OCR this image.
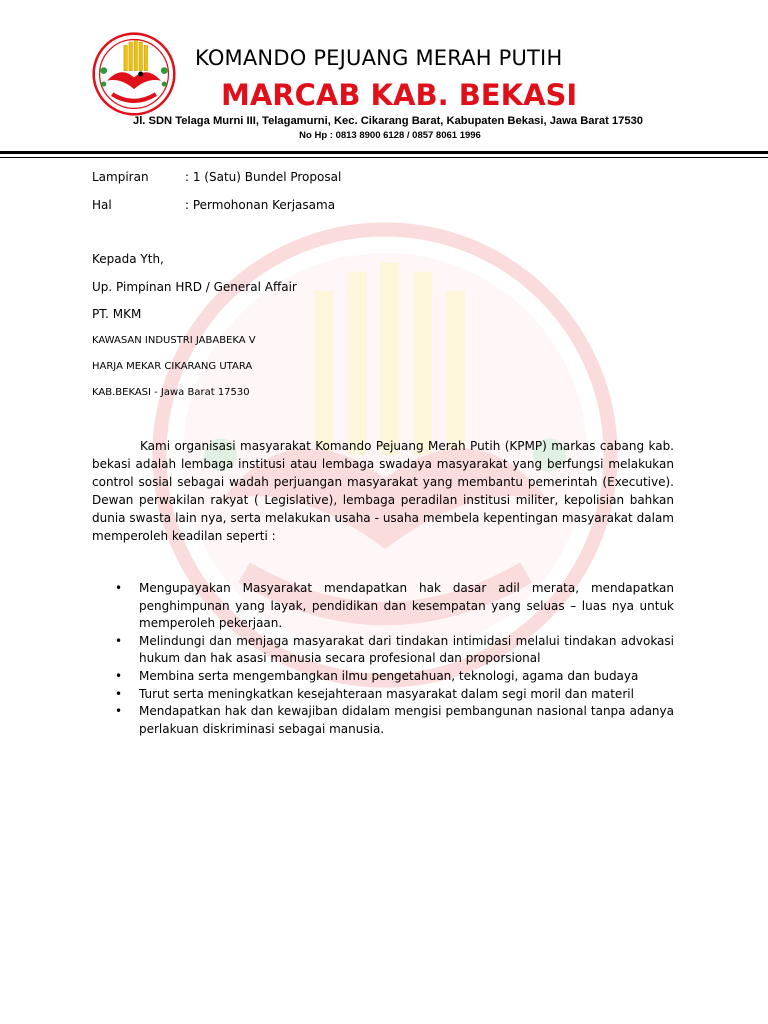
KOMANDO PEJUANG MERAH PUTIH
MARCAB KAB. BEKASI
Jl. SDN Telaga Murni III, Telagamurni, Kec. Cikarang Barat, Kabupaten Bekasi, Jawa Barat 17530
No Hp : 0813 8900 6128 / 0857 8061 1996
Lampiran	: 1 (Satu) Bundel Proposal
Hal	: Permohonan Kerjasama
Kepada Yth,
Up. Pimpinan HRD / General Affair
PT. MKM
KAWASAN INDUSTRI JABABEKA V
HARJA MEKAR CIKARANG UTARA
KAB.BEKASI - Jawa Barat 17530
Kami organisasi masyarakat Komando Pejuang Merah Putih (KPMP) markas cabang kab. bekasi adalah lembaga institusi atau lembaga swadaya masyarakat yang berfungsi melakukan control sosial sebagai wadah perjuangan masyarakat yang membantu pemerintah (Executive). Dewan perwakilan rakyat ( Legislative), lembaga peradilan institusi militer, kepolisian bahkan dunia swasta lain nya, serta melakukan usaha - usaha membela kepentingan masyarakat dalam memperoleh keadilan seperti :
• Mengupayakan Masyarakat mendapatkan hak dasar adil merata, mendapatkan penghimpunan yang layak, pendidikan dan kesempatan yang seluas – luas nya untuk memperoleh pekerjaan.
• Melindungi dan menjaga masyarakat dari tindakan intimidasi melalui tindakan advokasi hukum dan hak asasi manusia secara profesional dan proporsional
• Membina serta mengembangkan ilmu pengetahuan, teknologi, agama dan budaya
• Turut serta meningkatkan kesejahteraan masyarakat dalam segi moril dan materil
• Mendapatkan hak dan kewajiban didalam mengisi pembangunan nasional tanpa adanya perlakuan diskriminasi sebagai manusia.
